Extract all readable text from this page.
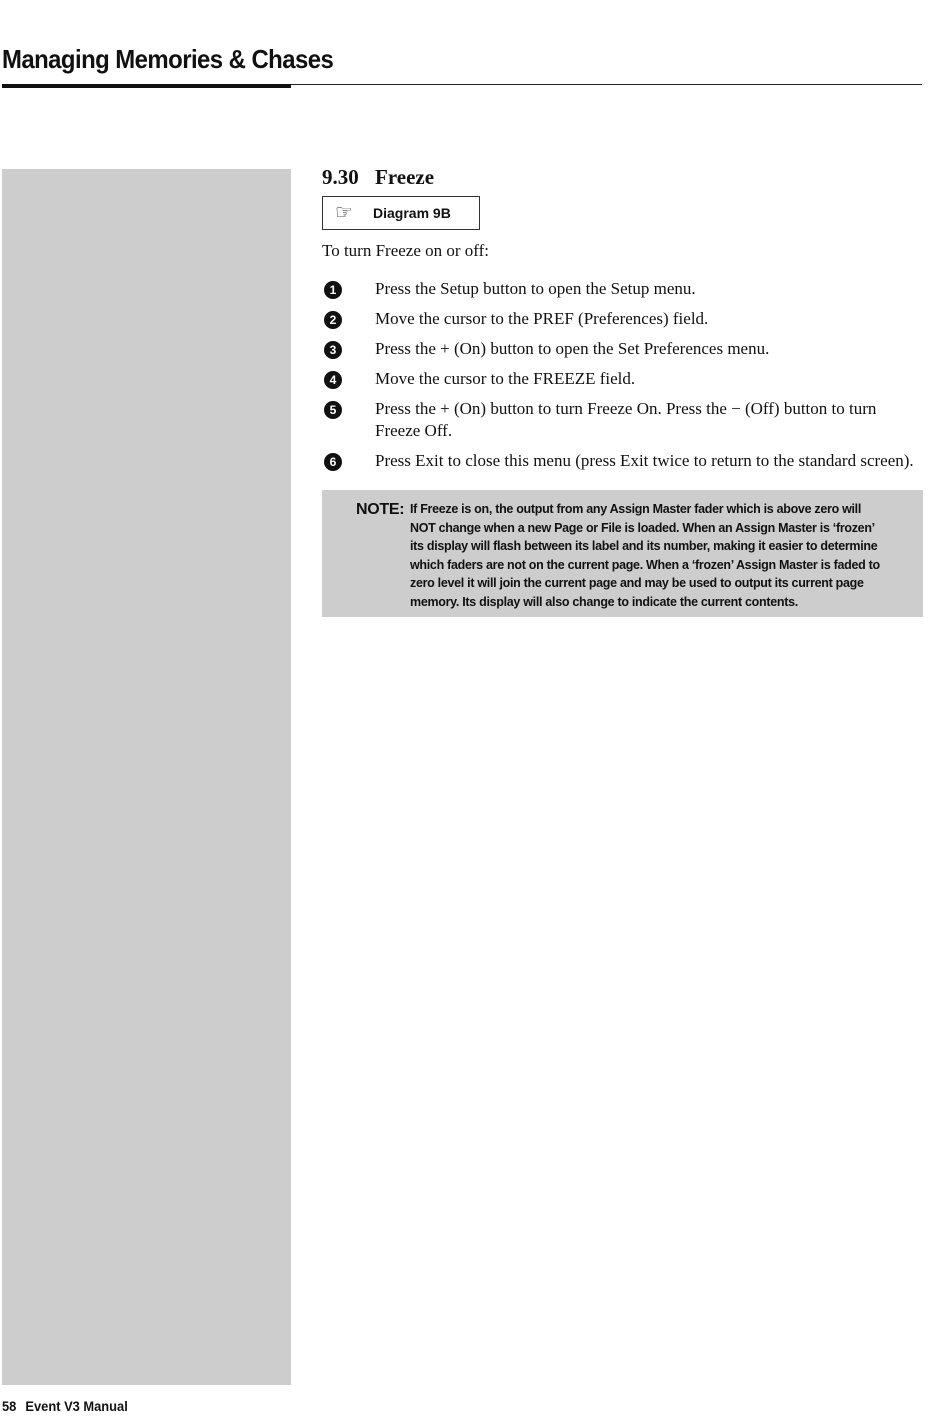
Managing Memories & Chases
9.30 Freeze
☞	Diagram 9B

To turn Freeze on or off:

1	Press the Setup button to open the Setup menu.
2	Move the cursor to the PREF (Preferences) field.
3	Press the + (On) button to open the Set Preferences menu.
4	Move the cursor to the FREEZE field.
5	Press the + (On) button to turn Freeze On. Press the − (Off) button to turn Freeze Off.
6	Press Exit to close this menu (press Exit twice to return to the standard screen).
NOTE: If Freeze is on, the output from any Assign Master fader which is above zero will NOT change when a new Page or File is loaded. When an Assign Master is ‘frozen’ its display will flash between its label and its number, making it easier to determine which faders are not on the current page. When a ‘frozen’ Assign Master is faded to zero level it will join the current page and may be used to output its current page memory. Its display will also change to indicate the current contents.

58 Event V3 Manual
